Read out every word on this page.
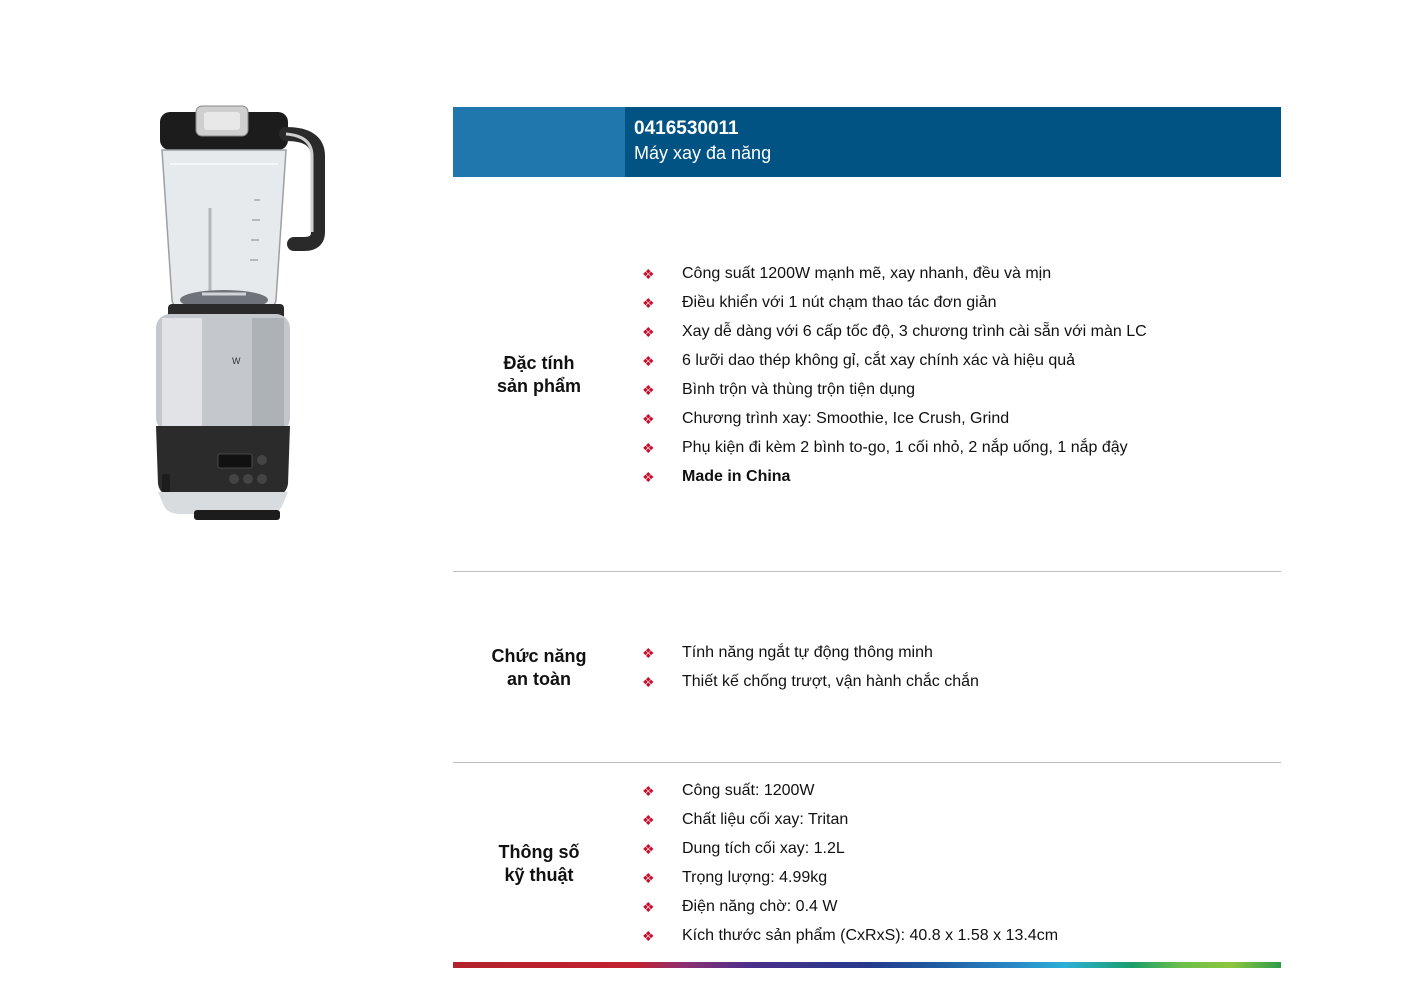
W
0416530011
Máy xay đa năng
Đặc tính
sản phẩm
❖	Công suất 1200W mạnh mẽ, xay nhanh, đều và mịn
❖	Điều khiển với 1 nút chạm thao tác đơn giản
❖	Xay dễ dàng với 6 cấp tốc độ, 3 chương trình cài sẵn với màn LC
❖	6 lưỡi dao thép không gỉ, cắt xay chính xác và hiệu quả
❖	Bình trộn và thùng trộn tiện dụng
❖	Chương trình xay: Smoothie, Ice Crush, Grind
❖	Phụ kiện đi kèm 2 bình to-go, 1 cối nhỏ, 2 nắp uống, 1 nắp đậy
❖	Made in China
Chức năng
an toàn
❖	Tính năng ngắt tự động thông minh
❖	Thiết kế chống trượt, vận hành chắc chắn
Thông số
kỹ thuật
❖	Công suất: 1200W
❖	Chất liệu cối xay: Tritan
❖	Dung tích cối xay: 1.2L
❖	Trọng lượng: 4.99kg
❖	Điện năng chờ: 0.4 W
❖	Kích thước sản phẩm (CxRxS): 40.8 x 1.58 x 13.4cm
